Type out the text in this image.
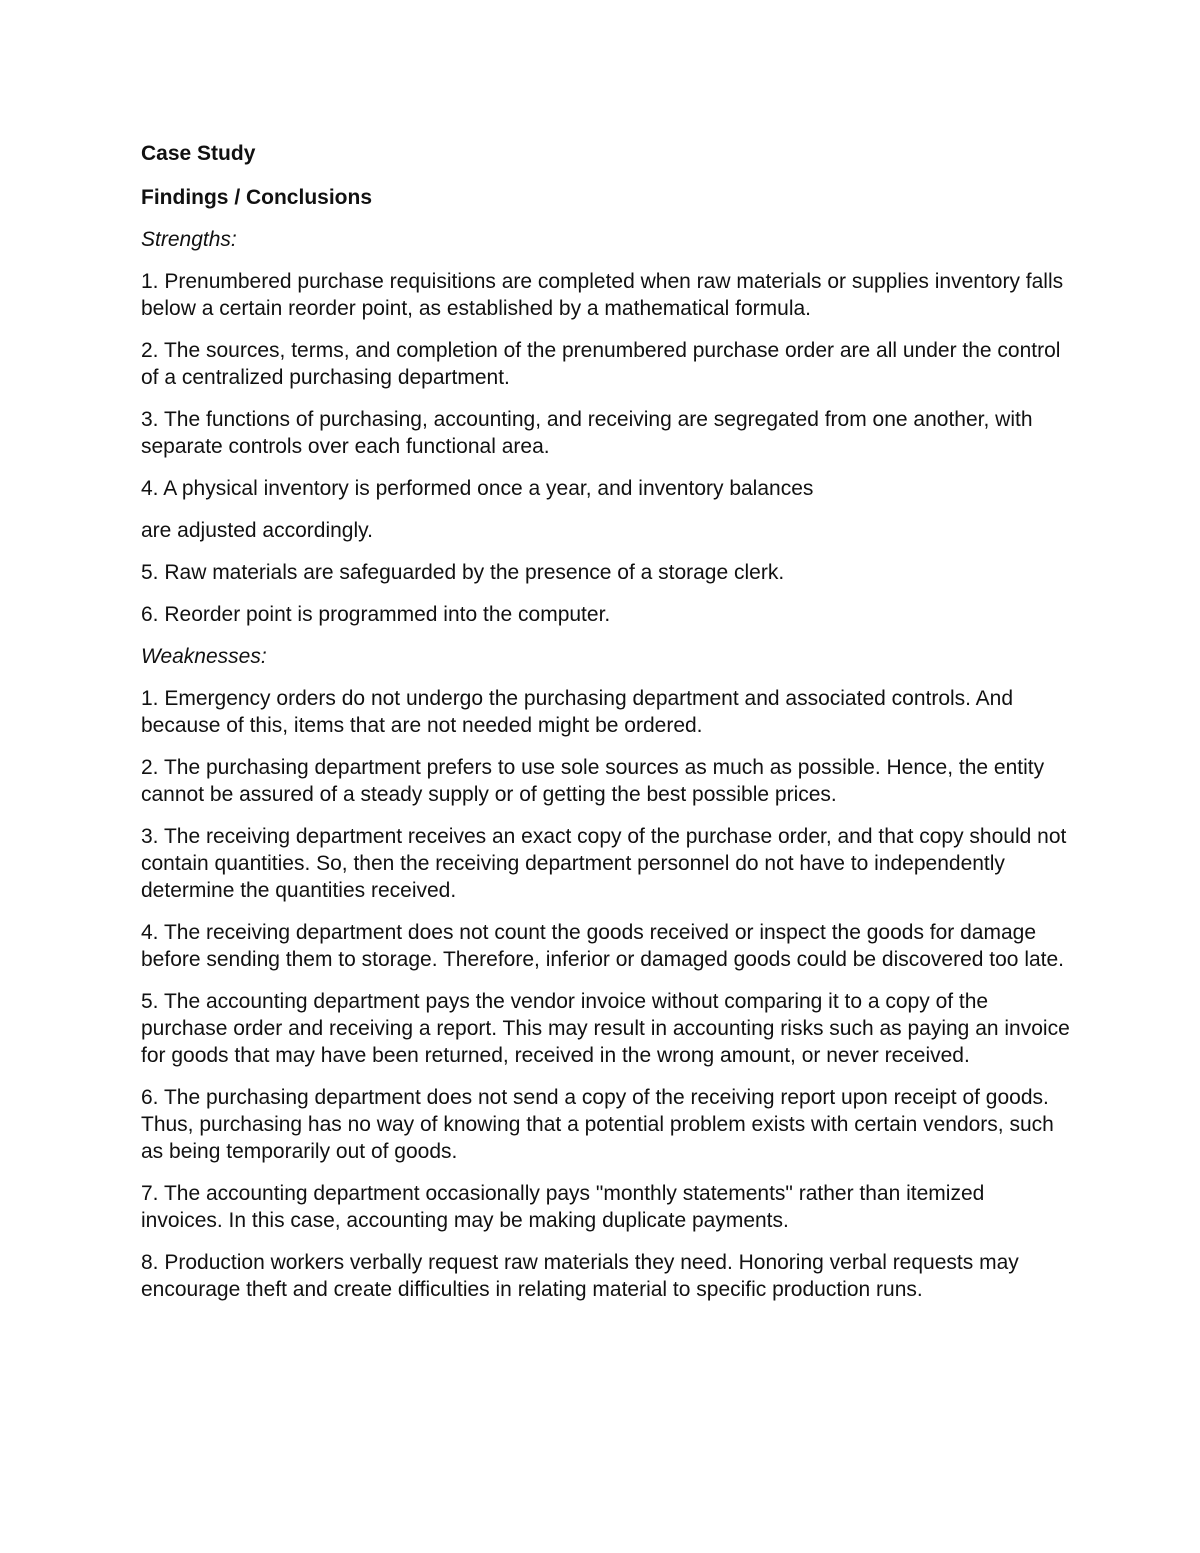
Case Study
Findings / Conclusions
Strengths:

1. Prenumbered purchase requisitions are completed when raw materials or supplies inventory falls below a certain reorder point, as established by a mathematical formula.

2. The sources, terms, and completion of the prenumbered purchase order are all under the control of a centralized purchasing department.

3. The functions of purchasing, accounting, and receiving are segregated from one another, with separate controls over each functional area.

4. A physical inventory is performed once a year, and inventory balances

are adjusted accordingly.

5. Raw materials are safeguarded by the presence of a storage clerk.

6. Reorder point is programmed into the computer.

Weaknesses:

1. Emergency orders do not undergo the purchasing department and associated controls. And because of this, items that are not needed might be ordered.

2. The purchasing department prefers to use sole sources as much as possible. Hence, the entity cannot be assured of a steady supply or of getting the best possible prices.

3. The receiving department receives an exact copy of the purchase order, and that copy should not contain quantities. So, then the receiving department personnel do not have to independently determine the quantities received.

4. The receiving department does not count the goods received or inspect the goods for damage before sending them to storage. Therefore, inferior or damaged goods could be discovered too late.

5. The accounting department pays the vendor invoice without comparing it to a copy of the purchase order and receiving a report. This may result in accounting risks such as paying an invoice for goods that may have been returned, received in the wrong amount, or never received.

6. The purchasing department does not send a copy of the receiving report upon receipt of goods. Thus, purchasing has no way of knowing that a potential problem exists with certain vendors, such as being temporarily out of goods.

7. The accounting department occasionally pays "monthly statements" rather than itemized invoices. In this case, accounting may be making duplicate payments.

8. Production workers verbally request raw materials they need. Honoring verbal requests may encourage theft and create difficulties in relating material to specific production runs.
